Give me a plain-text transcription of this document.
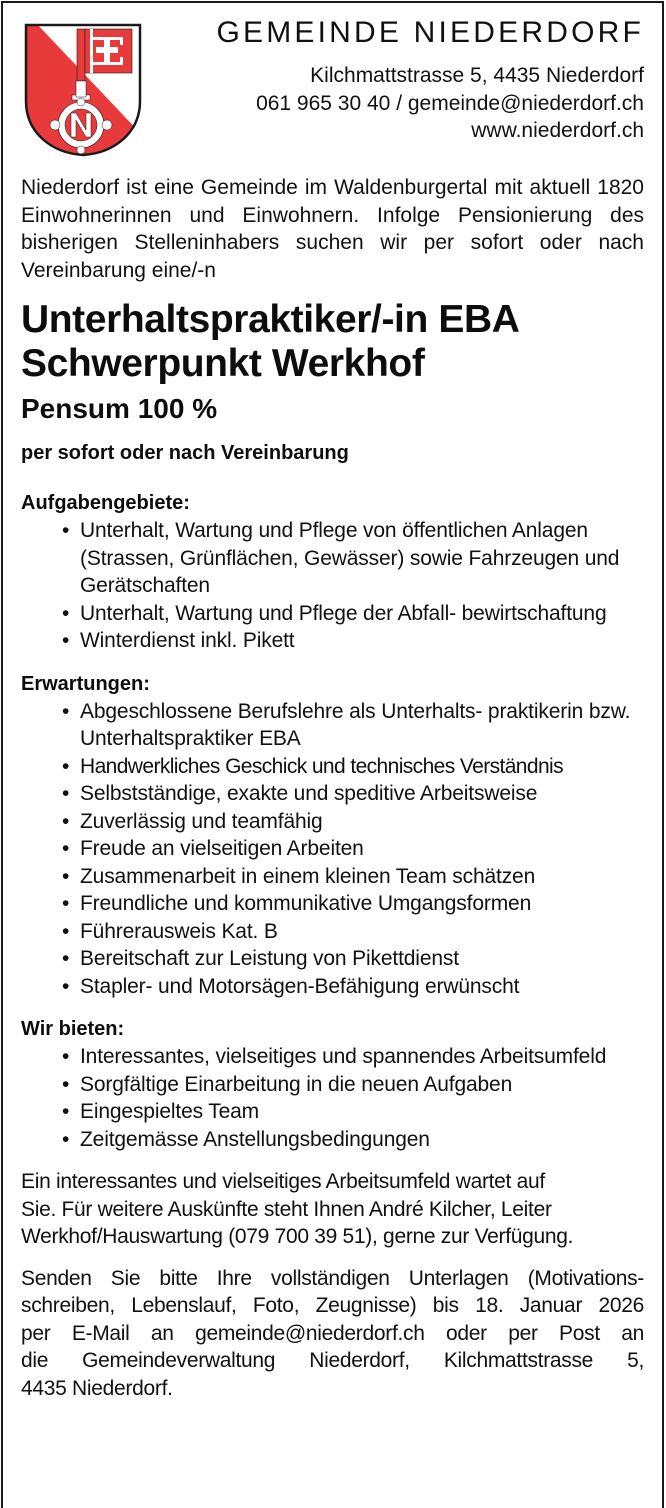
GEMEINDE NIEDERDORF
Kilchmattstrasse 5, 4435 Niederdorf
061 965 30 40 / gemeinde@niederdorf.ch
www.niederdorf.ch

Niederdorf ist eine Gemeinde im Waldenburgertal mit aktuell 1820 Einwohnerinnen und Einwohnern. Infolge Pensionierung des bisherigen Stelleninhabers suchen wir per sofort oder nach Vereinbarung eine/-n

Unterhaltspraktiker/-in EBA
Schwerpunkt Werkhof
Pensum 100 %
per sofort oder nach Vereinbarung
Aufgabengebiete:
• Unterhalt, Wartung und Pflege von öffentlichen Anlagen (Strassen, Grünflächen, Gewässer) sowie Fahrzeugen und Gerätschaften
• Unterhalt, Wartung und Pflege der Abfall- bewirtschaftung
• Winterdienst inkl. Pikett
Erwartungen:
• Abgeschlossene Berufslehre als Unterhalts- praktikerin bzw. Unterhaltspraktiker EBA
• Handwerkliches Geschick und technisches Verständnis
• Selbstständige, exakte und speditive Arbeitsweise
• Zuverlässig und teamfähig
• Freude an vielseitigen Arbeiten
• Zusammenarbeit in einem kleinen Team schätzen
• Freundliche und kommunikative Umgangsformen
• Führerausweis Kat. B
• Bereitschaft zur Leistung von Pikettdienst
• Stapler- und Motorsägen-Befähigung erwünscht
Wir bieten:
• Interessantes, vielseitiges und spannendes Arbeitsumfeld
• Sorgfältige Einarbeitung in die neuen Aufgaben
• Eingespieltes Team
• Zeitgemässe Anstellungsbedingungen
Ein interessantes und vielseitiges Arbeitsumfeld wartet auf
Sie. Für weitere Auskünfte steht Ihnen André Kilcher, Leiter
Werkhof/Hauswartung (079 700 39 51), gerne zur Verfügung.
Senden Sie bitte Ihre vollständigen Unterlagen (Motivations-
schreiben, Lebenslauf, Foto, Zeugnisse) bis 18. Januar 2026
per E-Mail an gemeinde@niederdorf.ch oder per Post an
die Gemeindeverwaltung Niederdorf, Kilchmattstrasse 5,
4435 Niederdorf.
